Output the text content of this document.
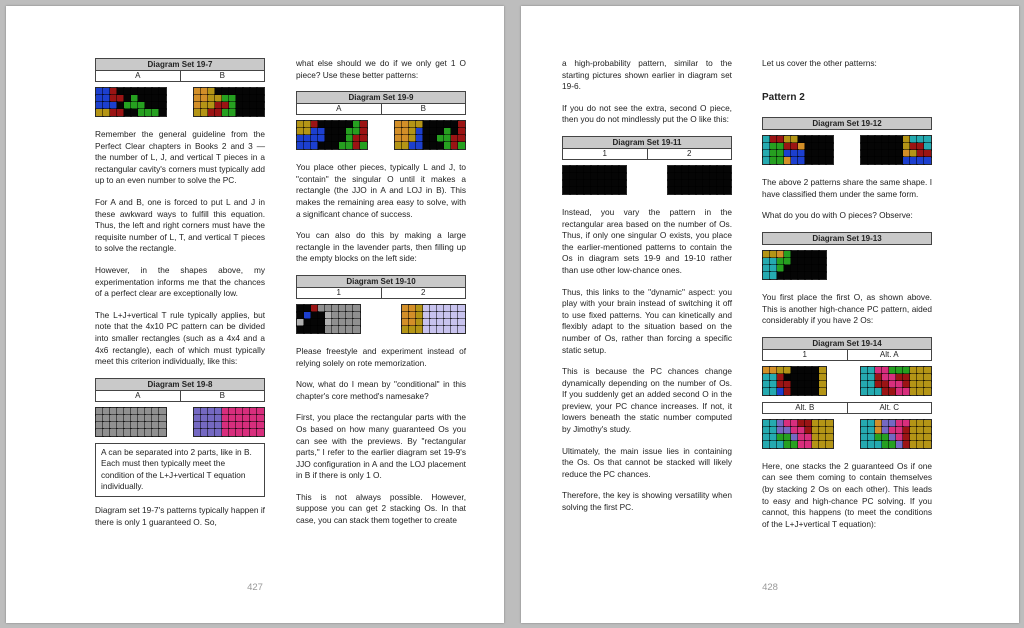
Diagram Set 19-7
A	B

Remember the general guideline from the Perfect Clear chapters in Books 2 and 3 — the number of L, J, and vertical T pieces in a rectangular cavity's corners must typically add up to an even number to solve the PC.

For A and B, one is forced to put L and J in these awkward ways to fulfill this equation. Thus, the left and right corners must have the requisite number of L, T, and vertical T pieces to solve the rectangle.

However, in the shapes above, my experimentation informs me that the chances of a perfect clear are exceptionally low.

The L+J+vertical T rule typically applies, but note that the 4x10 PC pattern can be divided into smaller rectangles (such as a 4x4 and a 4x6 rectangle), each of which must typically meet this criterion individually, like this:

Diagram Set 19-8
A	B
A can be separated into 2 parts, like in B. Each must then typically meet the condition of the L+J+vertical T equation individually.

Diagram set 19-7's patterns typically happen if there is only 1 guaranteed O. So,

what else should we do if we only get 1 O piece? Use these better patterns:

Diagram Set 19-9
A	B

You place other pieces, typically L and J, to "contain" the singular O until it makes a rectangle (the JJO in A and LOJ in B). This makes the remaining area easy to solve, with a significant chance of success.

You can also do this by making a large rectangle in the lavender parts, then filling up the empty blocks on the left side:

Diagram Set 19-10
1	2

Please freestyle and experiment instead of relying solely on rote memorization.

Now, what do I mean by "conditional" in this chapter's core method's namesake?

First, you place the rectangular parts with the Os based on how many guaranteed Os you can see with the previews. By "rectangular parts," I refer to the earlier diagram set 19-9's JJO configuration in A and the LOJ placement in B if there is only 1 O.

This is not always possible. However, suppose you can get 2 stacking Os. In that case, you can stack them together to create

427

a high-probability pattern, similar to the starting pictures shown earlier in diagram set 19-6.

If you do not see the extra, second O piece, then you do not mindlessly put the O like this:

Diagram Set 19-11
1	2

Instead, you vary the pattern in the rectangular area based on the number of Os. Thus, if only one singular O exists, you place the earlier-mentioned patterns to contain the Os in diagram sets 19-9 and 19-10 rather than use other low-chance ones.

Thus, this links to the "dynamic" aspect: you play with your brain instead of switching it off to use fixed patterns. You can kinetically and flexibly adapt to the situation based on the number of Os, rather than forcing a specific static setup.

This is because the PC chances change dynamically depending on the number of Os. If you suddenly get an added second O in the preview, your PC chance increases. If not, it lowers beneath the static number computed by Jimothy's study.

Ultimately, the main issue lies in containing the Os. Os that cannot be stacked will likely reduce the PC chances.

Therefore, the key is showing versatility when solving the first PC.

Let us cover the other patterns:

Pattern 2
Diagram Set 19-12

The above 2 patterns share the same shape. I have classified them under the same form.

What do you do with O pieces? Observe:

Diagram Set 19-13

You first place the first O, as shown above. This is another high-chance PC pattern, aided considerably if you have 2 Os:

Diagram Set 19-14
1	Alt. A
Alt. B	Alt. C

Here, one stacks the 2 guaranteed Os if one can see them coming to contain themselves (by stacking 2 Os on each other). This leads to easy and high-chance PC solving. If you cannot, this happens (to meet the conditions of the L+J+vertical T equation):

428
